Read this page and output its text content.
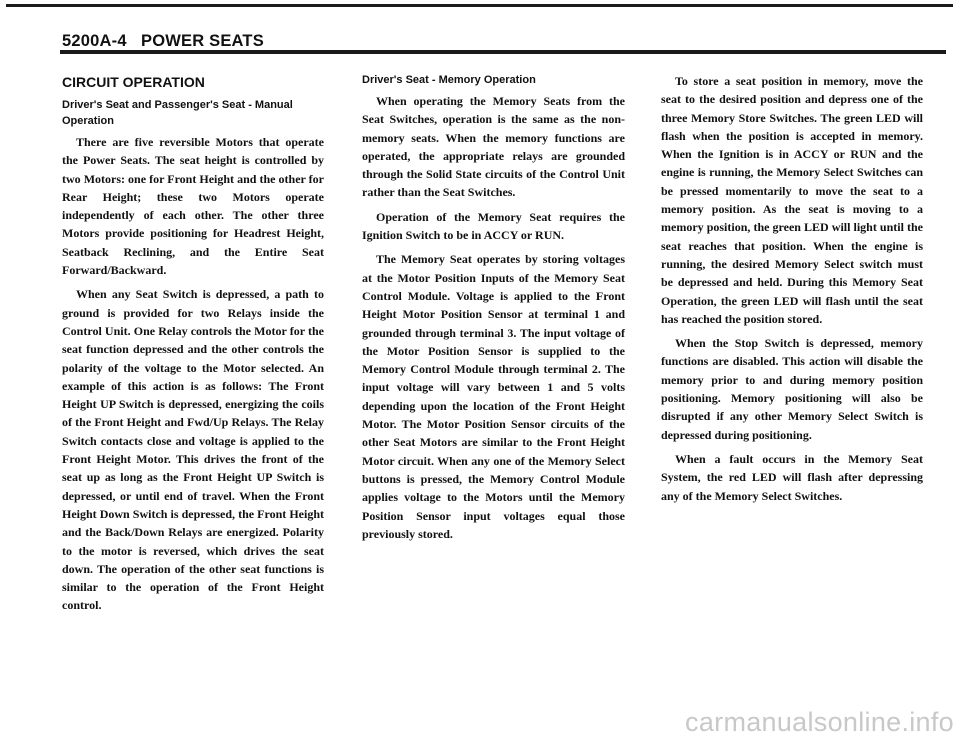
5200A-4 POWER SEATS
CIRCUIT OPERATION
Driver's Seat and Passenger's Seat - Manual Operation

There are five reversible Motors that operate the Power Seats. The seat height is controlled by two Motors: one for Front Height and the other for Rear Height; these two Motors operate independently of each other. The other three Motors provide positioning for Headrest Height, Seatback Reclining, and the Entire Seat Forward/Backward.

When any Seat Switch is depressed, a path to ground is provided for two Relays inside the Control Unit. One Relay controls the Motor for the seat function depressed and the other controls the polarity of the voltage to the Motor selected. An example of this action is as follows: The Front Height UP Switch is depressed, energizing the coils of the Front Height and Fwd/Up Relays. The Relay Switch contacts close and voltage is applied to the Front Height Motor. This drives the front of the seat up as long as the Front Height UP Switch is depressed, or until end of travel. When the Front Height Down Switch is depressed, the Front Height and the Back/Down Relays are energized. Polarity to the motor is reversed, which drives the seat down. The operation of the other seat functions is similar to the operation of the Front Height control.

Driver's Seat - Memory Operation

When operating the Memory Seats from the Seat Switches, operation is the same as the non-memory seats. When the memory functions are operated, the appropriate relays are grounded through the Solid State circuits of the Control Unit rather than the Seat Switches.

Operation of the Memory Seat requires the Ignition Switch to be in ACCY or RUN.

The Memory Seat operates by storing voltages at the Motor Position Inputs of the Memory Seat Control Module. Voltage is applied to the Front Height Motor Position Sensor at terminal 1 and grounded through terminal 3. The input voltage of the Motor Position Sensor is supplied to the Memory Control Module through terminal 2. The input voltage will vary between 1 and 5 volts depending upon the location of the Front Height Motor. The Motor Position Sensor circuits of the other Seat Motors are similar to the Front Height Motor circuit. When any one of the Memory Select buttons is pressed, the Memory Control Module applies voltage to the Motors until the Memory Position Sensor input voltages equal those previously stored.

To store a seat position in memory, move the seat to the desired position and depress one of the three Memory Store Switches. The green LED will flash when the position is accepted in memory. When the Ignition is in ACCY or RUN and the engine is running, the Memory Select Switches can be pressed momentarily to move the seat to a memory position. As the seat is moving to a memory position, the green LED will light until the seat reaches that position. When the engine is running, the desired Memory Select switch must be depressed and held. During this Memory Seat Operation, the green LED will flash until the seat has reached the position stored.

When the Stop Switch is depressed, memory functions are disabled. This action will disable the memory prior to and during memory position positioning. Memory positioning will also be disrupted if any other Memory Select Switch is depressed during positioning.

When a fault occurs in the Memory Seat System, the red LED will flash after depressing any of the Memory Select Switches.

carmanualsonline.info
